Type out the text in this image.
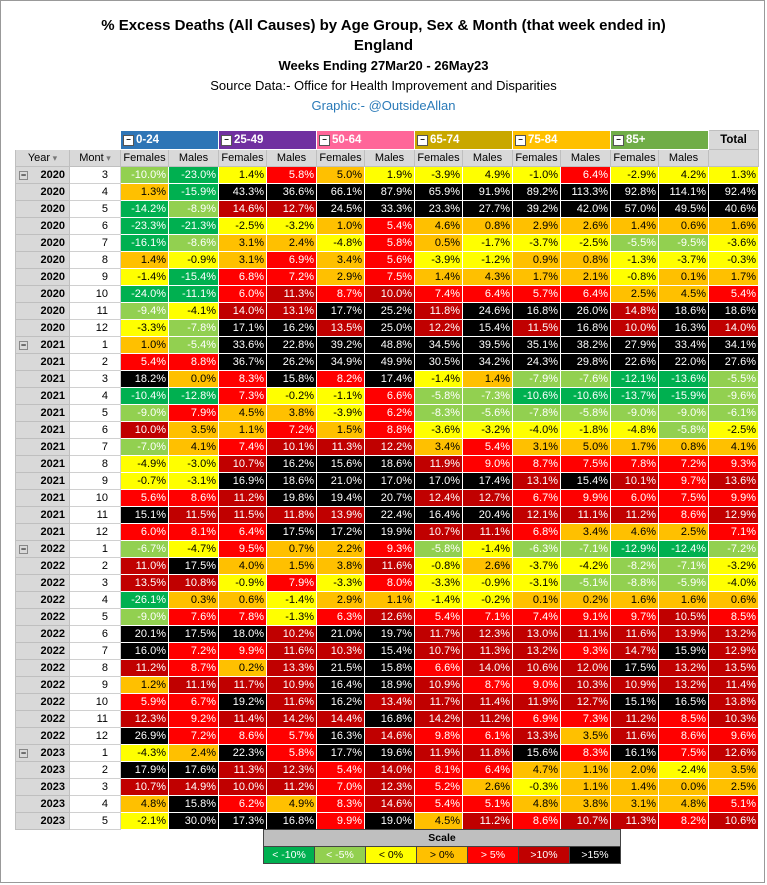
% Excess Deaths (All Causes) by Age Group, Sex & Month (that week ended in)
England
Weeks Ending 27Mar20 - 26May23
Source Data:- Office for Health Improvement and Disparities
Graphic:- @OutsideAllan
		− 0-24		− 25-49		− 50-64		− 65-74		− 75-84		− 85+		Total
Year ▾	Mont ▾	Females	Males	Females	Males	Females	Males	Females	Males	Females	Males	Females	Males	

− 2020	3	-10.0%	-23.0%	1.4%	5.8%	5.0%	1.9%	-3.9%	4.9%	-1.0%	6.4%	-2.9%	4.2%	1.3%
2020	4	1.3%	-15.9%	43.3%	36.6%	66.1%	87.9%	65.9%	91.9%	89.2%	113.3%	92.8%	114.1%	92.4%
2020	5	-14.2%	-8.9%	14.6%	12.7%	24.5%	33.3%	23.3%	27.7%	39.2%	42.0%	57.0%	49.5%	40.6%
2020	6	-23.3%	-21.3%	-2.5%	-3.2%	1.0%	5.4%	4.6%	0.8%	2.9%	2.6%	1.4%	0.6%	1.6%
2020	7	-16.1%	-8.6%	3.1%	2.4%	-4.8%	5.8%	0.5%	-1.7%	-3.7%	-2.5%	-5.5%	-9.5%	-3.6%
2020	8	1.4%	-0.9%	3.1%	6.9%	3.4%	5.6%	-3.9%	-1.2%	0.9%	0.8%	-1.3%	-3.7%	-0.3%
2020	9	-1.4%	-15.4%	6.8%	7.2%	2.9%	7.5%	1.4%	4.3%	1.7%	2.1%	-0.8%	0.1%	1.7%
2020	10	-24.0%	-11.1%	6.0%	11.3%	8.7%	10.0%	7.4%	6.4%	5.7%	6.4%	2.5%	4.5%	5.4%
2020	11	-9.4%	-4.1%	14.0%	13.1%	17.7%	25.2%	11.8%	24.6%	16.8%	26.0%	14.8%	18.6%	18.6%
2020	12	-3.3%	-7.8%	17.1%	16.2%	13.5%	25.0%	12.2%	15.4%	11.5%	16.8%	10.0%	16.3%	14.0%

− 2021	1	1.0%	-5.4%	33.6%	22.8%	39.2%	48.8%	34.5%	39.5%	35.1%	38.2%	27.9%	33.4%	34.1%
2021	2	5.4%	8.8%	36.7%	26.2%	34.9%	49.9%	30.5%	34.2%	24.3%	29.8%	22.6%	22.0%	27.6%
2021	3	18.2%	0.0%	8.3%	15.8%	8.2%	17.4%	-1.4%	1.4%	-7.9%	-7.6%	-12.1%	-13.6%	-5.5%
2021	4	-10.4%	-12.8%	7.3%	-0.2%	-1.1%	6.6%	-5.8%	-7.3%	-10.6%	-10.6%	-13.7%	-15.9%	-9.6%
2021	5	-9.0%	7.9%	4.5%	3.8%	-3.9%	6.2%	-8.3%	-5.6%	-7.8%	-5.8%	-9.0%	-9.0%	-6.1%
2021	6	10.0%	3.5%	1.1%	7.2%	1.5%	8.8%	-3.6%	-3.2%	-4.0%	-1.8%	-4.8%	-5.8%	-2.5%
2021	7	-7.0%	4.1%	7.4%	10.1%	11.3%	12.2%	3.4%	5.4%	3.1%	5.0%	1.7%	0.8%	4.1%
2021	8	-4.9%	-3.0%	10.7%	16.2%	15.6%	18.6%	11.9%	9.0%	8.7%	7.5%	7.8%	7.2%	9.3%
2021	9	-0.7%	-3.1%	16.9%	18.6%	21.0%	17.0%	17.0%	17.4%	13.1%	15.4%	10.1%	9.7%	13.6%
2021	10	5.6%	8.6%	11.2%	19.8%	19.4%	20.7%	12.4%	12.7%	6.7%	9.9%	6.0%	7.5%	9.9%
2021	11	15.1%	11.5%	11.5%	11.8%	13.9%	22.4%	16.4%	20.4%	12.1%	11.1%	11.2%	8.6%	12.9%
2021	12	6.0%	8.1%	6.4%	17.5%	17.2%	19.9%	10.7%	11.1%	6.8%	3.4%	4.6%	2.5%	7.1%

− 2022	1	-6.7%	-4.7%	9.5%	0.7%	2.2%	9.3%	-5.8%	-1.4%	-6.3%	-7.1%	-12.9%	-12.4%	-7.2%
2022	2	11.0%	17.5%	4.0%	1.5%	3.8%	11.6%	-0.8%	2.6%	-3.7%	-4.2%	-8.2%	-7.1%	-3.2%
2022	3	13.5%	10.8%	-0.9%	7.9%	-3.3%	8.0%	-3.3%	-0.9%	-3.1%	-5.1%	-8.8%	-5.9%	-4.0%
2022	4	-26.1%	0.3%	0.6%	-1.4%	2.9%	1.1%	-1.4%	-0.2%	0.1%	0.2%	1.6%	1.6%	0.6%
2022	5	-9.0%	7.6%	7.8%	-1.3%	6.3%	12.6%	5.4%	7.1%	7.4%	9.1%	9.7%	10.5%	8.5%
2022	6	20.1%	17.5%	18.0%	10.2%	21.0%	19.7%	11.7%	12.3%	13.0%	11.1%	11.6%	13.9%	13.2%
2022	7	16.0%	7.2%	9.9%	11.6%	10.3%	15.4%	10.7%	11.3%	13.2%	9.3%	14.7%	15.9%	12.9%
2022	8	11.2%	8.7%	0.2%	13.3%	21.5%	15.8%	6.6%	14.0%	10.6%	12.0%	17.5%	13.2%	13.5%
2022	9	1.2%	11.1%	11.7%	10.9%	16.4%	18.9%	10.9%	8.7%	9.0%	10.3%	10.9%	13.2%	11.4%
2022	10	5.9%	6.7%	19.2%	11.6%	16.2%	13.4%	11.7%	11.4%	11.9%	12.7%	15.1%	16.5%	13.8%
2022	11	12.3%	9.2%	11.4%	14.2%	14.4%	16.8%	14.2%	11.2%	6.9%	7.3%	11.2%	8.5%	10.3%
2022	12	26.9%	7.2%	8.6%	5.7%	16.3%	14.6%	9.8%	6.1%	13.3%	3.5%	11.6%	8.6%	9.6%

− 2023	1	-4.3%	2.4%	22.3%	5.8%	17.7%	19.6%	11.9%	11.8%	15.6%	8.3%	16.1%	7.5%	12.6%
2023	2	17.9%	17.6%	11.3%	12.3%	5.4%	14.0%	8.1%	6.4%	4.7%	1.1%	2.0%	-2.4%	3.5%
2023	3	10.7%	14.9%	10.0%	11.2%	7.0%	12.3%	5.2%	2.6%	-0.3%	1.1%	1.4%	0.0%	2.5%
2023	4	4.8%	15.8%	6.2%	4.9%	8.3%	14.6%	5.4%	5.1%	4.8%	3.8%	3.1%	4.8%	5.1%
2023	5	-2.1%	30.0%	17.3%	16.8%	9.9%	19.0%	4.5%	11.2%	8.6%	10.7%	11.3%	8.2%	10.6%
Scale
< -10%	< -5%	< 0%	> 0%	> 5%	>10%	>15%
